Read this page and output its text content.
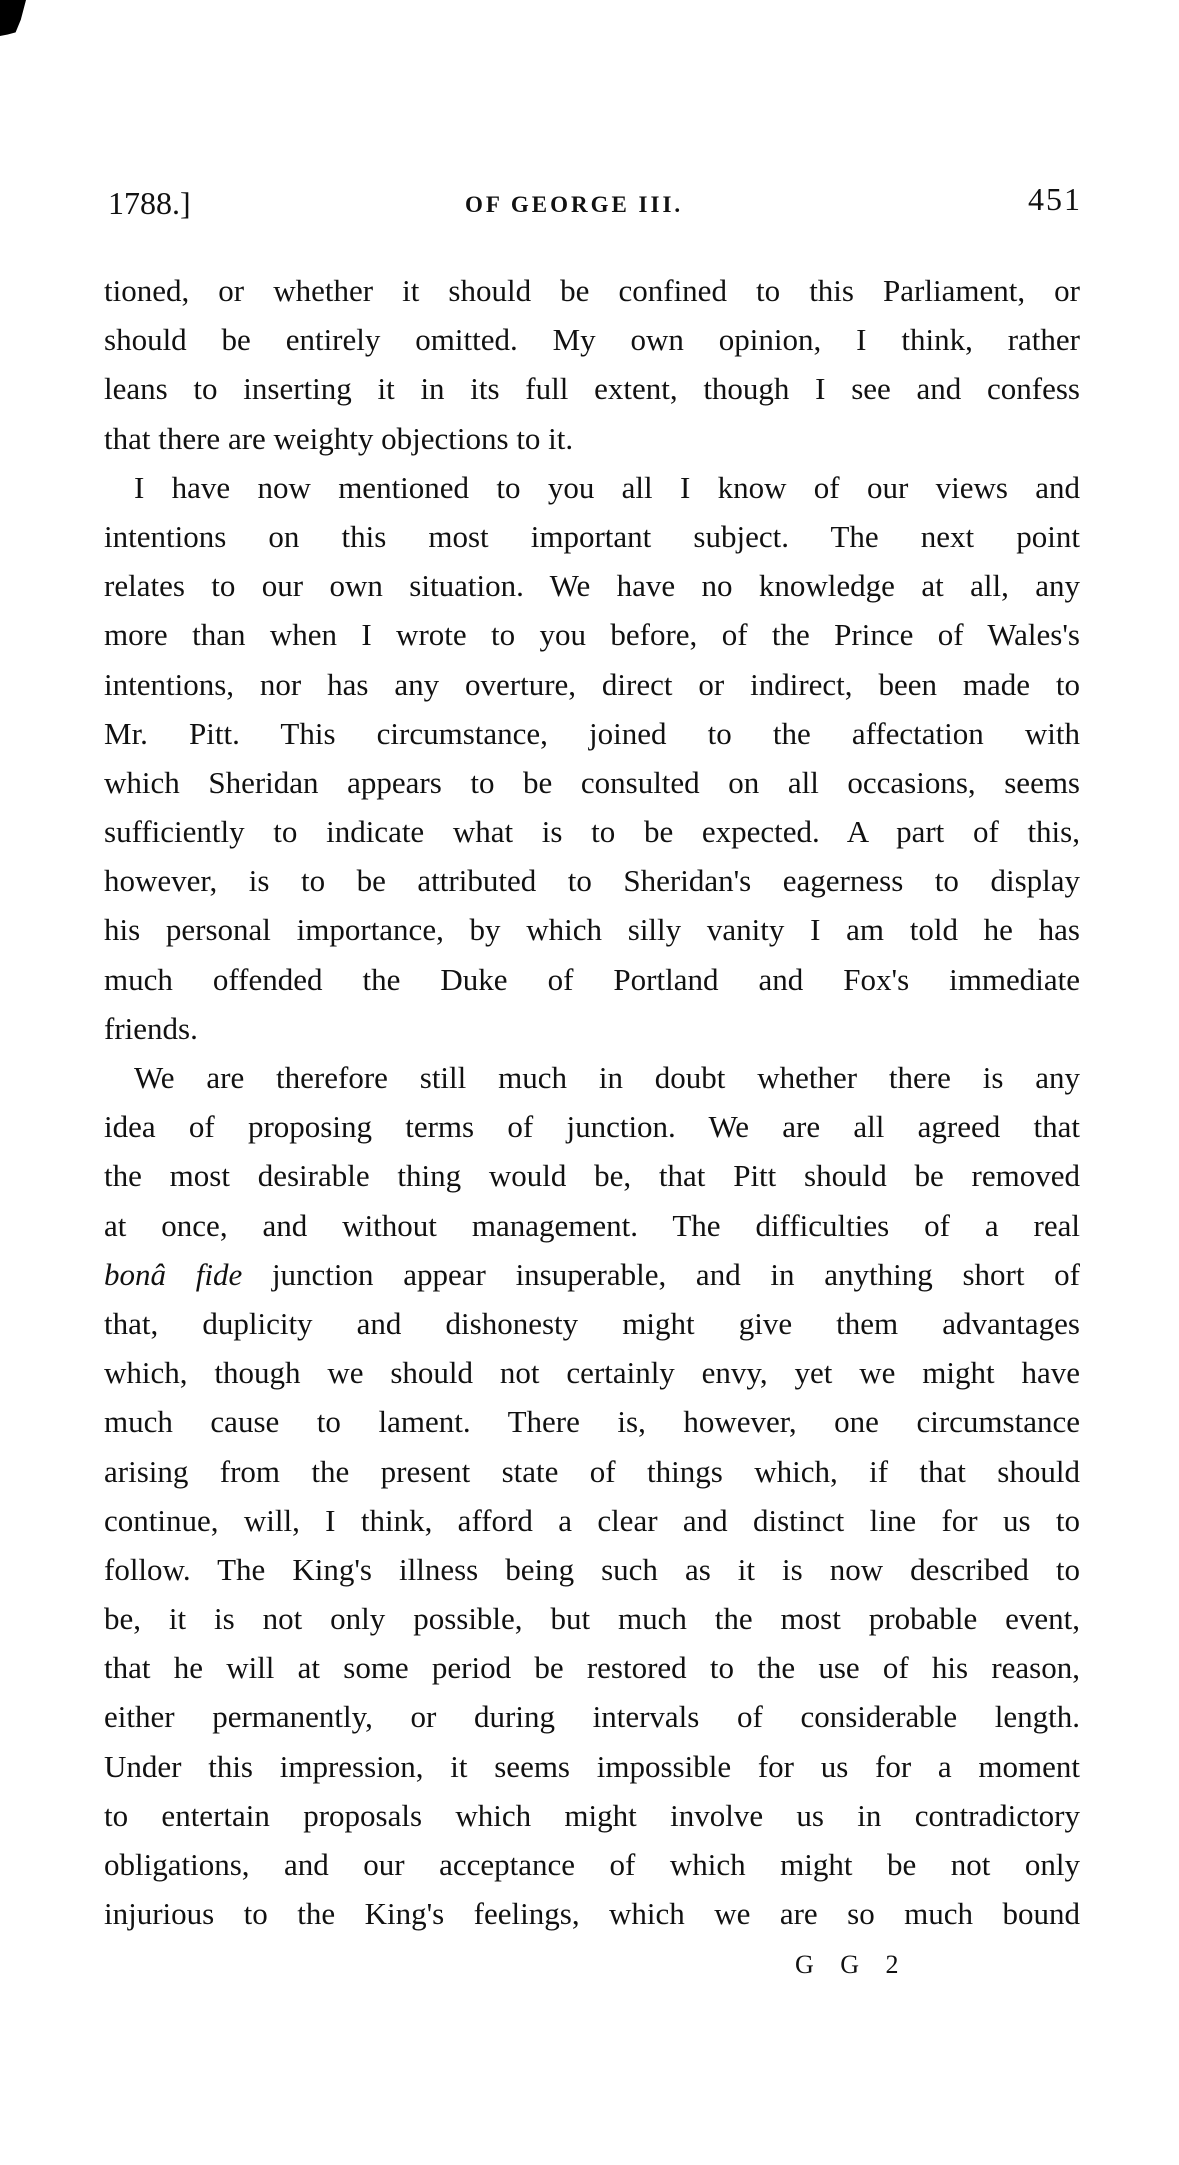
1788.]	OF GEORGE III.	451
tioned, or whether it should be confined to this Parliament, or
should be entirely omitted. My own opinion, I think, rather
leans to inserting it in its full extent, though I see and confess
that there are weighty objections to it.
I have now mentioned to you all I know of our views and
intentions on this most important subject. The next point
relates to our own situation. We have no knowledge at all, any
more than when I wrote to you before, of the Prince of Wales's
intentions, nor has any overture, direct or indirect, been made to
Mr. Pitt. This circumstance, joined to the affectation with
which Sheridan appears to be consulted on all occasions, seems
sufficiently to indicate what is to be expected. A part of this,
however, is to be attributed to Sheridan's eagerness to display
his personal importance, by which silly vanity I am told he has
much offended the Duke of Portland and Fox's immediate
friends.
We are therefore still much in doubt whether there is any
idea of proposing terms of junction. We are all agreed that
the most desirable thing would be, that Pitt should be removed
at once, and without management. The difficulties of a real
bonâ fide junction appear insuperable, and in anything short of
that, duplicity and dishonesty might give them advantages
which, though we should not certainly envy, yet we might have
much cause to lament. There is, however, one circumstance
arising from the present state of things which, if that should
continue, will, I think, afford a clear and distinct line for us to
follow. The King's illness being such as it is now described to
be, it is not only possible, but much the most probable event,
that he will at some period be restored to the use of his reason,
either permanently, or during intervals of considerable length.
Under this impression, it seems impossible for us for a moment
to entertain proposals which might involve us in contradictory
obligations, and our acceptance of which might be not only
injurious to the King's feelings, which we are so much bound
G G 2
